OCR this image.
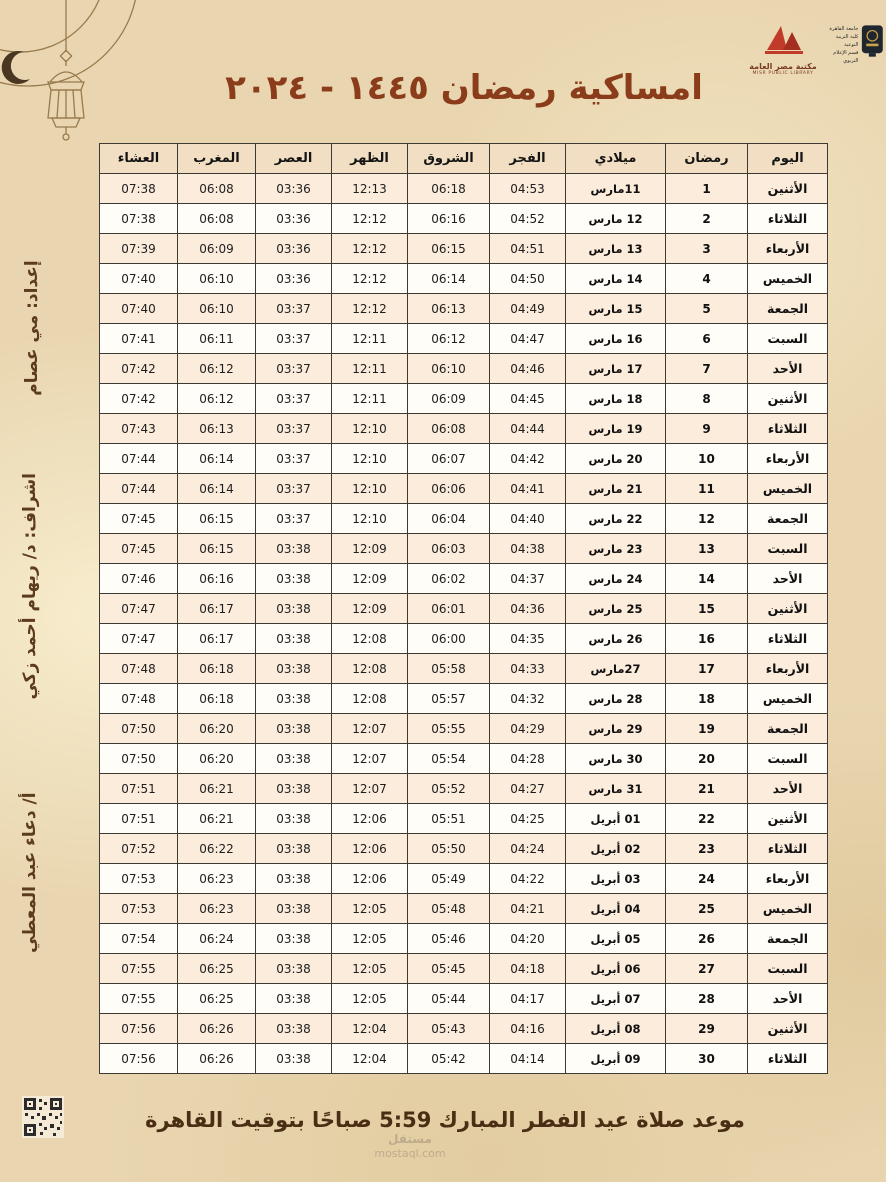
مكتبة مصر العامة
MISR PUBLIC LIBRARY
جامعة القاهرة
كلية التربية النوعية
قسم الإعلام التربوي
امساكية رمضان ١٤٤٥ - ٢٠٢٤
إعداد: مي عصام
اشراف: د/ ريهام أحمد زكي
أ/ دعاء عبد المعطي
اليوم	رمضان	ميلادي	الفجر	الشروق	الظهر	العصر	المغرب	العشاء
الأثنين	1	11مارس	04:53	06:18	12:13	03:36	06:08	07:38
الثلاثاء	2	12 مارس	04:52	06:16	12:12	03:36	06:08	07:38
الأربعاء	3	13 مارس	04:51	06:15	12:12	03:36	06:09	07:39
الخميس	4	14 مارس	04:50	06:14	12:12	03:36	06:10	07:40
الجمعة	5	15 مارس	04:49	06:13	12:12	03:37	06:10	07:40
السبت	6	16 مارس	04:47	06:12	12:11	03:37	06:11	07:41
الأحد	7	17 مارس	04:46	06:10	12:11	03:37	06:12	07:42
الأثنين	8	18 مارس	04:45	06:09	12:11	03:37	06:12	07:42
الثلاثاء	9	19 مارس	04:44	06:08	12:10	03:37	06:13	07:43
الأربعاء	10	20 مارس	04:42	06:07	12:10	03:37	06:14	07:44
الخميس	11	21 مارس	04:41	06:06	12:10	03:37	06:14	07:44
الجمعة	12	22 مارس	04:40	06:04	12:10	03:37	06:15	07:45
السبت	13	23 مارس	04:38	06:03	12:09	03:38	06:15	07:45
الأحد	14	24 مارس	04:37	06:02	12:09	03:38	06:16	07:46
الأثنين	15	25 مارس	04:36	06:01	12:09	03:38	06:17	07:47
الثلاثاء	16	26 مارس	04:35	06:00	12:08	03:38	06:17	07:47
الأربعاء	17	27مارس	04:33	05:58	12:08	03:38	06:18	07:48
الخميس	18	28 مارس	04:32	05:57	12:08	03:38	06:18	07:48
الجمعة	19	29 مارس	04:29	05:55	12:07	03:38	06:20	07:50
السبت	20	30 مارس	04:28	05:54	12:07	03:38	06:20	07:50
الأحد	21	31 مارس	04:27	05:52	12:07	03:38	06:21	07:51
الأثنين	22	01 أبريل	04:25	05:51	12:06	03:38	06:21	07:51
الثلاثاء	23	02 أبريل	04:24	05:50	12:06	03:38	06:22	07:52
الأربعاء	24	03 أبريل	04:22	05:49	12:06	03:38	06:23	07:53
الخميس	25	04 أبريل	04:21	05:48	12:05	03:38	06:23	07:53
الجمعة	26	05 أبريل	04:20	05:46	12:05	03:38	06:24	07:54
السبت	27	06 أبريل	04:18	05:45	12:05	03:38	06:25	07:55
الأحد	28	07 أبريل	04:17	05:44	12:05	03:38	06:25	07:55
الأثنين	29	08 أبريل	04:16	05:43	12:04	03:38	06:26	07:56
الثلاثاء	30	09 أبريل	04:14	05:42	12:04	03:38	06:26	07:56
موعد صلاة عيد الفطر المبارك 5:59 صباحًا بتوقيت القاهرة
مستقل
mostaql.com
